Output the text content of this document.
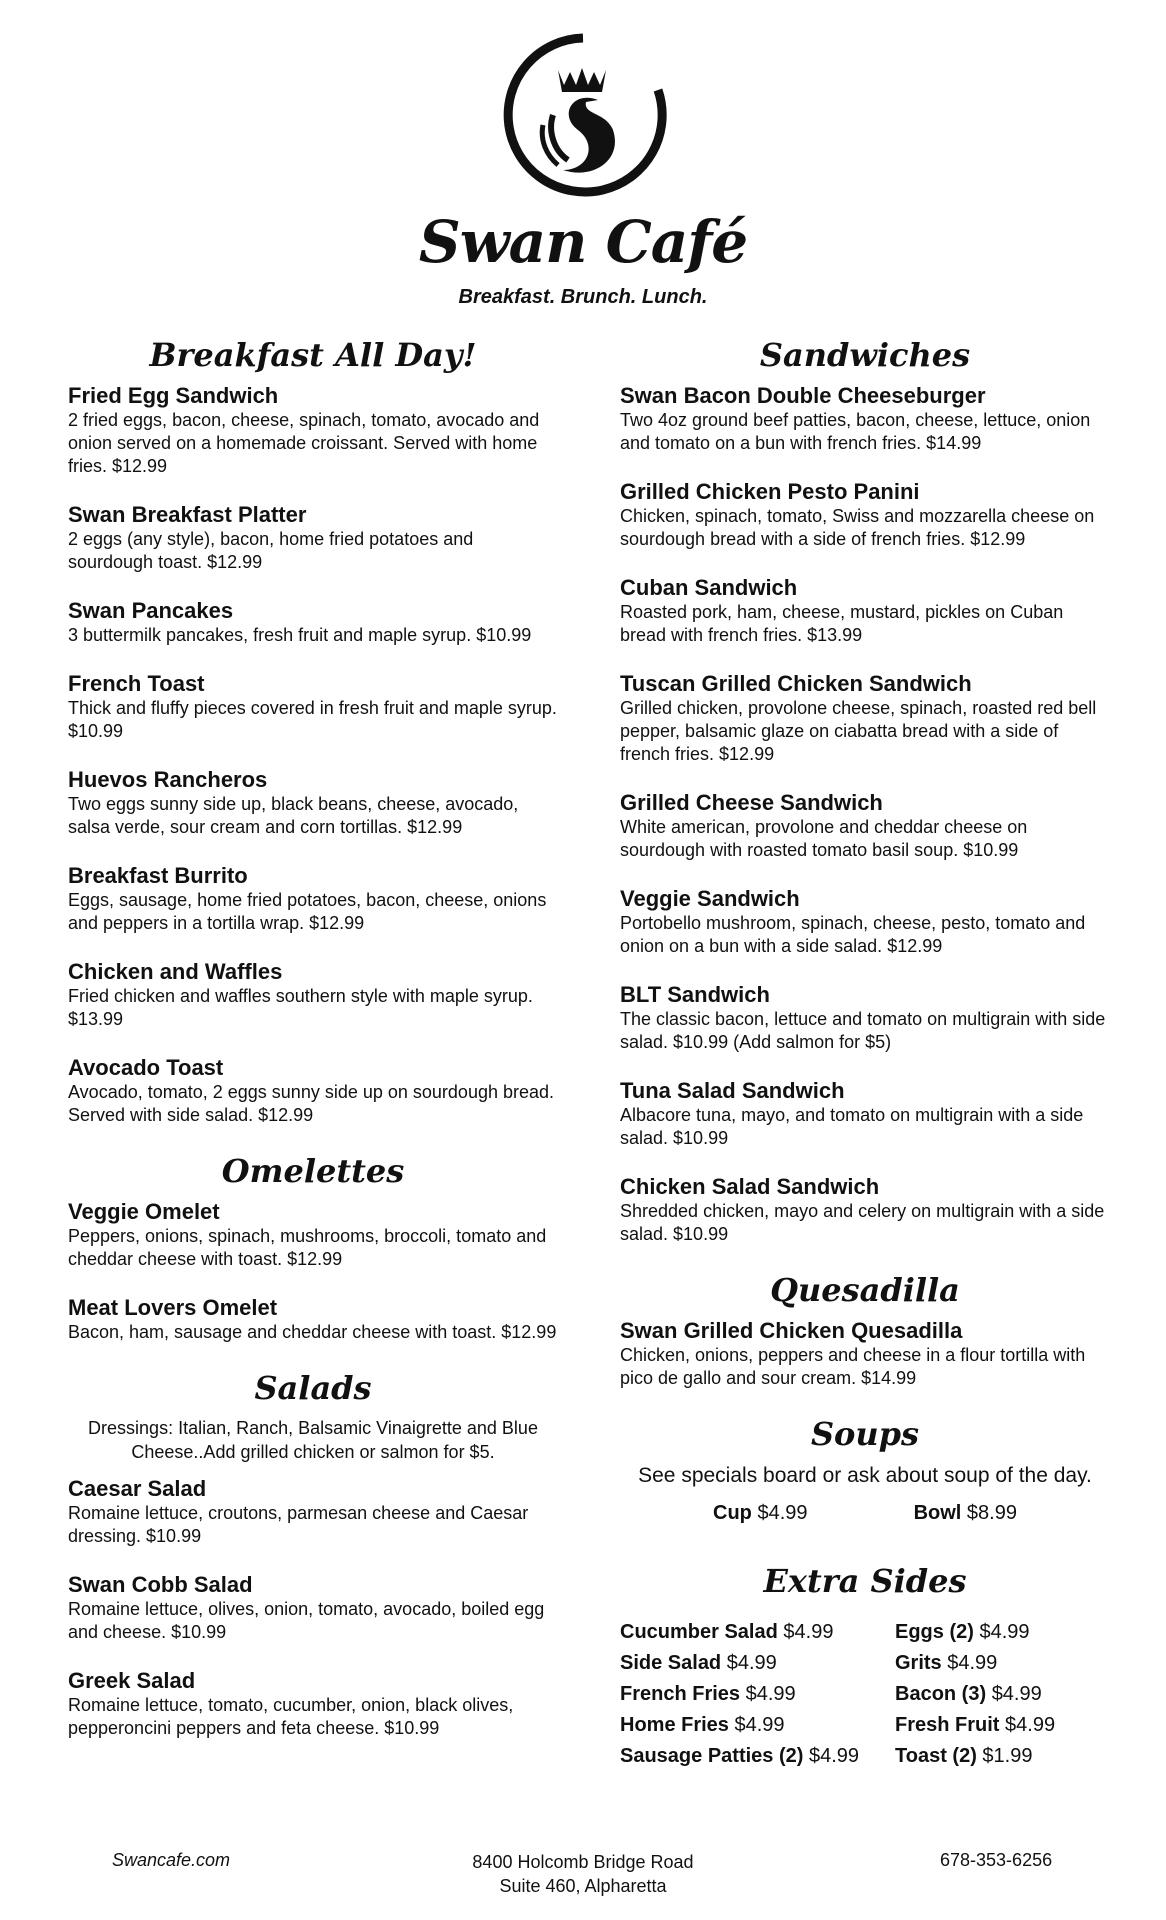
Swan Café
Breakfast. Brunch. Lunch.
Breakfast All Day!
Fried Egg Sandwich
2 fried eggs, bacon, cheese, spinach, tomato, avocado and onion served on a homemade croissant. Served with home fries. $12.99
Swan Breakfast Platter
2 eggs (any style), bacon, home fried potatoes and sourdough toast. $12.99
Swan Pancakes
3 buttermilk pancakes, fresh fruit and maple syrup. $10.99
French Toast
Thick and fluffy pieces covered in fresh fruit and maple syrup. $10.99
Huevos Rancheros
Two eggs sunny side up, black beans, cheese, avocado, salsa verde, sour cream and corn tortillas. $12.99
Breakfast Burrito
Eggs, sausage, home fried potatoes, bacon, cheese, onions and peppers in a tortilla wrap. $12.99
Chicken and Waffles
Fried chicken and waffles southern style with maple syrup. $13.99
Avocado Toast
Avocado, tomato, 2 eggs sunny side up on sourdough bread. Served with side salad. $12.99
Omelettes
Veggie Omelet
Peppers, onions, spinach, mushrooms, broccoli, tomato and cheddar cheese with toast. $12.99
Meat Lovers Omelet
Bacon, ham, sausage and cheddar cheese with toast. $12.99
Salads
Dressings: Italian, Ranch, Balsamic Vinaigrette and Blue Cheese..Add grilled chicken or salmon for $5.
Caesar Salad
Romaine lettuce, croutons, parmesan cheese and Caesar dressing. $10.99
Swan Cobb Salad
Romaine lettuce, olives, onion, tomato, avocado, boiled egg and cheese. $10.99
Greek Salad
Romaine lettuce, tomato, cucumber, onion, black olives, pepperoncini peppers and feta cheese. $10.99
Sandwiches
Swan Bacon Double Cheeseburger
Two 4oz ground beef patties, bacon, cheese, lettuce, onion and tomato on a bun with french fries. $14.99
Grilled Chicken Pesto Panini
Chicken, spinach, tomato, Swiss and mozzarella cheese on sourdough bread with a side of french fries. $12.99
Cuban Sandwich
Roasted pork, ham, cheese, mustard, pickles on Cuban bread with french fries. $13.99
Tuscan Grilled Chicken Sandwich
Grilled chicken, provolone cheese, spinach, roasted red bell pepper, balsamic glaze on ciabatta bread with a side of french fries. $12.99
Grilled Cheese Sandwich
White american, provolone and cheddar cheese on sourdough with roasted tomato basil soup. $10.99
Veggie Sandwich
Portobello mushroom, spinach, cheese, pesto, tomato and onion on a bun with a side salad. $12.99
BLT Sandwich
The classic bacon, lettuce and tomato on multigrain with side salad. $10.99 (Add salmon for $5)
Tuna Salad Sandwich
Albacore tuna, mayo, and tomato on multigrain with a side salad. $10.99
Chicken Salad Sandwich
Shredded chicken, mayo and celery on multigrain with a side salad. $10.99
Quesadilla
Swan Grilled Chicken Quesadilla
Chicken, onions, peppers and cheese in a flour tortilla with pico de gallo and sour cream. $14.99
Soups
See specials board or ask about soup of the day.
Cup $4.99	Bowl $8.99
Extra Sides
Cucumber Salad $4.99
Side Salad $4.99
French Fries $4.99
Home Fries $4.99
Sausage Patties (2) $4.99
Eggs (2) $4.99
Grits $4.99
Bacon (3) $4.99
Fresh Fruit $4.99
Toast (2) $1.99
Swancafe.com	8400 Holcomb Bridge Road
Suite 460, Alpharetta
678-353-6256
